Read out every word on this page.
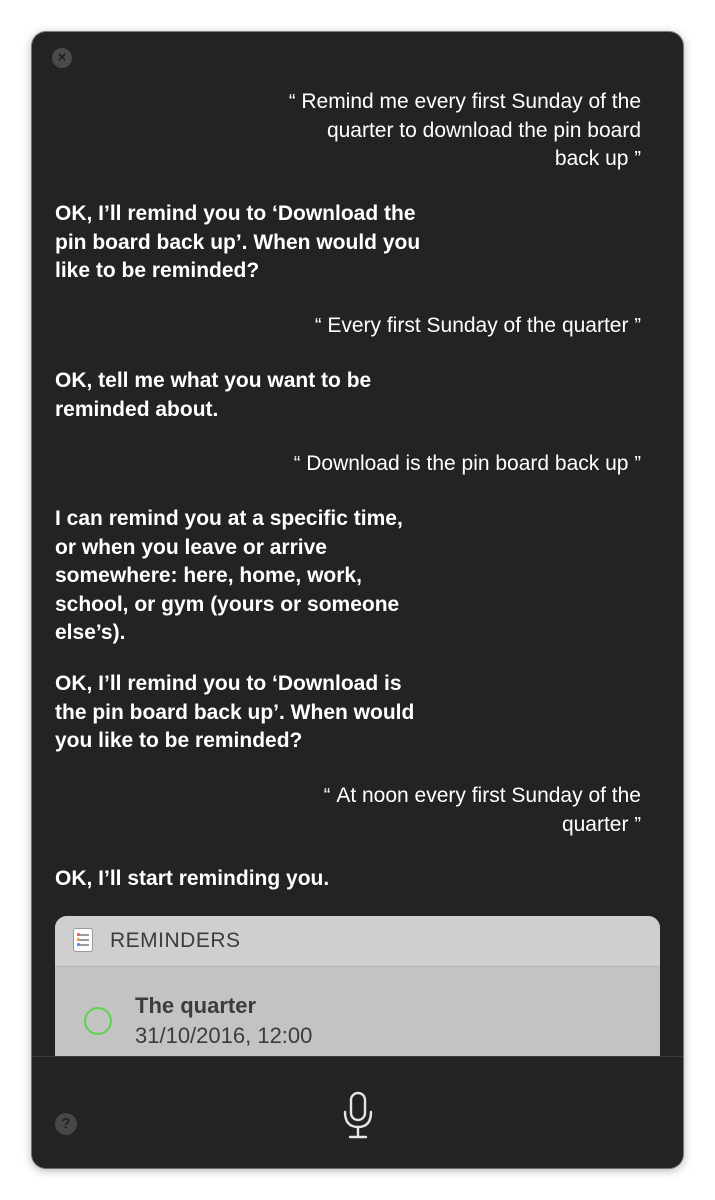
×

“ Remind me every first Sunday of the
quarter to download the pin board
back up ”

OK, I’ll remind you to ‘Download the
pin board back up’. When would you
like to be reminded?

“ Every first Sunday of the quarter ”

OK, tell me what you want to be
reminded about.

“ Download is the pin board back up ”

I can remind you at a specific time,
or when you leave or arrive
somewhere: here, home, work,
school, or gym (yours or someone
else’s).

OK, I’ll remind you to ‘Download is
the pin board back up’. When would
you like to be reminded?

“ At noon every first Sunday of the
quarter ”

OK, I’ll start reminding you.

REMINDERS
The quarter
31/10/2016, 12:00
?
